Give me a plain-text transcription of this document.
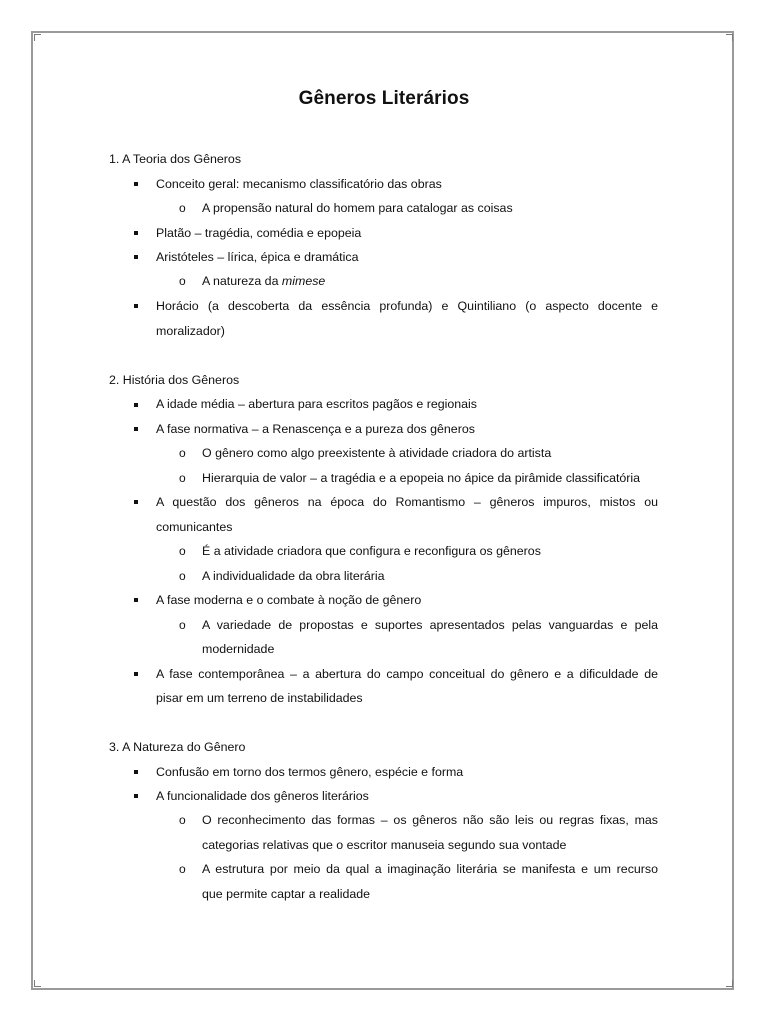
Gêneros Literários
1. A Teoria dos Gêneros
Conceito geral: mecanismo classificatório das obras
o A propensão natural do homem para catalogar as coisas
Platão – tragédia, comédia e epopeia
Aristóteles – lírica, épica e dramática
o A natureza da mimese
Horácio (a descoberta da essência profunda) e Quintiliano (o aspecto docente e
moralizador)
2. História dos Gêneros
A idade média – abertura para escritos pagãos e regionais
A fase normativa – a Renascença e a pureza dos gêneros
o O gênero como algo preexistente à atividade criadora do artista
o Hierarquia de valor – a tragédia e a epopeia no ápice da pirâmide classificatória
A questão dos gêneros na época do Romantismo – gêneros impuros, mistos ou
comunicantes
o É a atividade criadora que configura e reconfigura os gêneros
o A individualidade da obra literária
A fase moderna e o combate à noção de gênero
o A variedade de propostas e suportes apresentados pelas vanguardas e pela
modernidade
A fase contemporânea – a abertura do campo conceitual do gênero e a dificuldade de
pisar em um terreno de instabilidades
3. A Natureza do Gênero
Confusão em torno dos termos gênero, espécie e forma
A funcionalidade dos gêneros literários
o O reconhecimento das formas – os gêneros não são leis ou regras fixas, mas
categorias relativas que o escritor manuseia segundo sua vontade
o A estrutura por meio da qual a imaginação literária se manifesta e um recurso
que permite captar a realidade
